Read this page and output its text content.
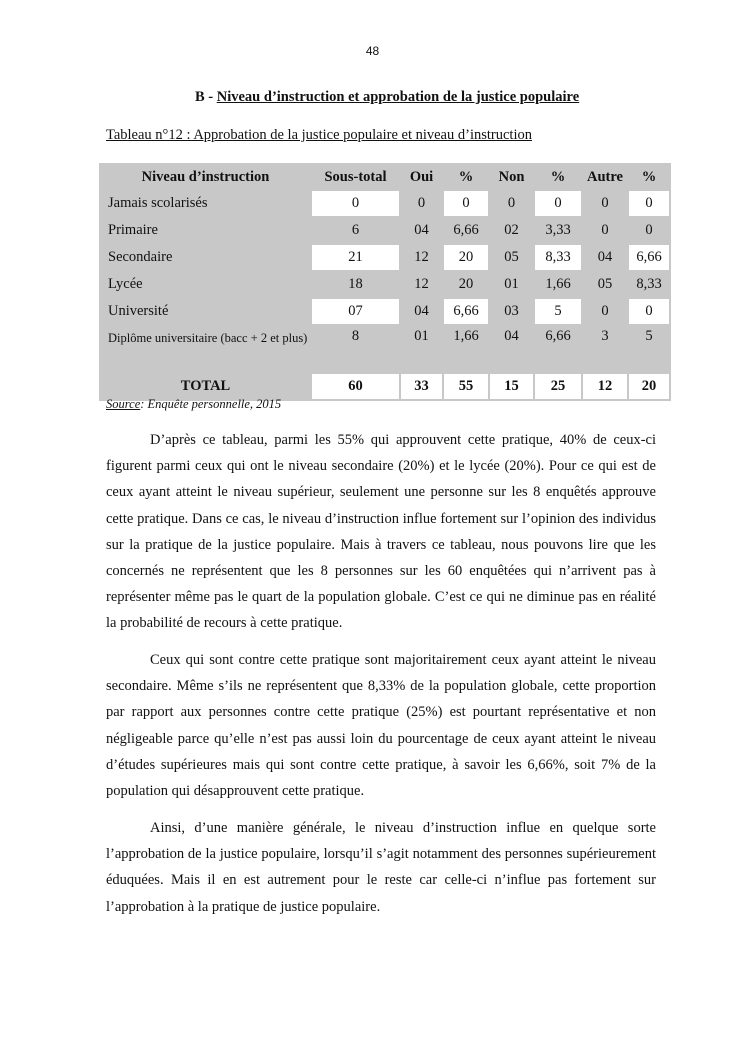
48
B - Niveau d’instruction et approbation de la justice populaire
Tableau n°12 : Approbation de la justice populaire et niveau d’instruction
Niveau d’instruction	Sous-total	Oui	%	Non	%	Autre	%
Jamais scolarisés	0	0	0	0	0	0	0
Primaire	6	04	6,66	02	3,33	0	0
Secondaire	21	12	20	05	8,33	04	6,66
Lycée	18	12	20	01	1,66	05	8,33
Université	07	04	6,66	03	5	0	0
Diplôme universitaire (bacc + 2 et plus)	8	01	1,66	04	6,66	3	5
TOTAL	60	33	55	15	25	12	20
Source: Enquête personnelle, 2015

D’après ce tableau, parmi les 55% qui approuvent cette pratique, 40% de ceux-ci figurent parmi ceux qui ont le niveau secondaire (20%) et le lycée (20%). Pour ce qui est de ceux ayant atteint le niveau supérieur, seulement une personne sur les 8 enquêtés approuve cette pratique. Dans ce cas, le niveau d’instruction influe fortement sur l’opinion des individus sur la pratique de la justice populaire. Mais à travers ce tableau, nous pouvons lire que les concernés ne représentent que les 8 personnes sur les 60 enquêtées qui n’arrivent pas à représenter même pas le quart de la population globale. C’est ce qui ne diminue pas en réalité la probabilité de recours à cette pratique.

Ceux qui sont contre cette pratique sont majoritairement ceux ayant atteint le niveau secondaire. Même s’ils ne représentent que 8,33% de la population globale, cette proportion par rapport aux personnes contre cette pratique (25%) est pourtant représentative et non négligeable parce qu’elle n’est pas aussi loin du pourcentage de ceux ayant atteint le niveau d’études supérieures mais qui sont contre cette pratique, à savoir les 6,66%, soit 7% de la population qui désapprouvent cette pratique.

Ainsi, d’une manière générale, le niveau d’instruction influe en quelque sorte l’approbation de la justice populaire, lorsqu’il s’agit notamment des personnes supérieurement éduquées. Mais il en est autrement pour le reste car celle-ci n’influe pas fortement sur l’approbation à la pratique de justice populaire.
